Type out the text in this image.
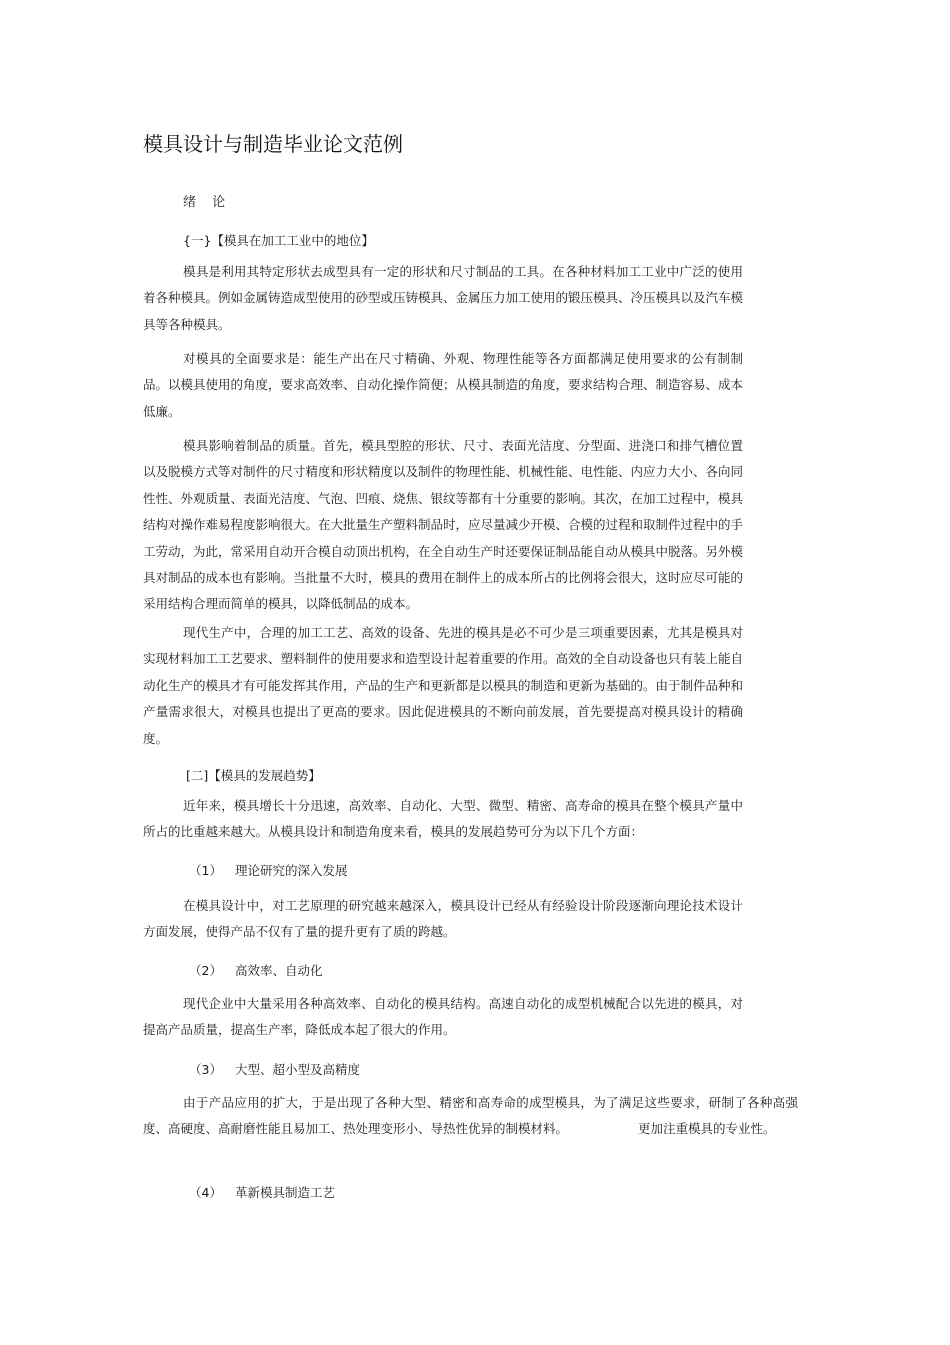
模具设计与制造毕业论文范例
绪 论
{一}【模具在加工工业中的地位】

模具是利用其特定形状去成型具有一定的形状和尺寸制品的工具。在各种材料加工工业中广泛的使用着各种模具。例如金属铸造成型使用的砂型或压铸模具、金属压力加工使用的锻压模具、冷压模具以及汽车模具等各种模具。

对模具的全面要求是：能生产出在尺寸精确、外观、物理性能等各方面都满足使用要求的公有制制品。以模具使用的角度，要求高效率、自动化操作简便；从模具制造的角度，要求结构合理、制造容易、成本低廉。

模具影响着制品的质量。首先，模具型腔的形状、尺寸、表面光洁度、分型面、进浇口和排气槽位置以及脱模方式等对制件的尺寸精度和形状精度以及制件的物理性能、机械性能、电性能、内应力大小、各向同性性、外观质量、表面光洁度、气泡、凹痕、烧焦、银纹等都有十分重要的影响。其次，在加工过程中，模具结构对操作难易程度影响很大。在大批量生产塑料制品时，应尽量减少开模、合模的过程和取制件过程中的手工劳动，为此，常采用自动开合模自动顶出机构，在全自动生产时还要保证制品能自动从模具中脱落。另外模具对制品的成本也有影响。当批量不大时，模具的费用在制件上的成本所占的比例将会很大，这时应尽可能的采用结构合理而简单的模具，以降低制品的成本。

现代生产中，合理的加工工艺、高效的设备、先进的模具是必不可少是三项重要因素，尤其是模具对实现材料加工工艺要求、塑料制件的使用要求和造型设计起着重要的作用。高效的全自动设备也只有装上能自动化生产的模具才有可能发挥其作用，产品的生产和更新都是以模具的制造和更新为基础的。由于制件品种和产量需求很大，对模具也提出了更高的要求。因此促进模具的不断向前发展，首先要提高对模具设计的精确度。

[二]【模具的发展趋势】

近年来，模具增长十分迅速，高效率、自动化、大型、微型、精密、高寿命的模具在整个模具产量中所占的比重越来越大。从模具设计和制造角度来看，模具的发展趋势可分为以下几个方面：

（1） 理论研究的深入发展

在模具设计中，对工艺原理的研究越来越深入，模具设计已经从有经验设计阶段逐渐向理论技术设计方面发展，使得产品不仅有了量的提升更有了质的跨越。

（2） 高效率、自动化

现代企业中大量采用各种高效率、自动化的模具结构。高速自动化的成型机械配合以先进的模具，对提高产品质量，提高生产率，降低成本起了很大的作用。

（3） 大型、超小型及高精度

由于产品应用的扩大，于是出现了各种大型、精密和高寿命的成型模具，为了满足这些要求，研制了各种高强度、高硬度、高耐磨性能且易加工、热处理变形小、导热性优异的制模材料。	更加注重模具的专业性。

（4） 革新模具制造工艺
